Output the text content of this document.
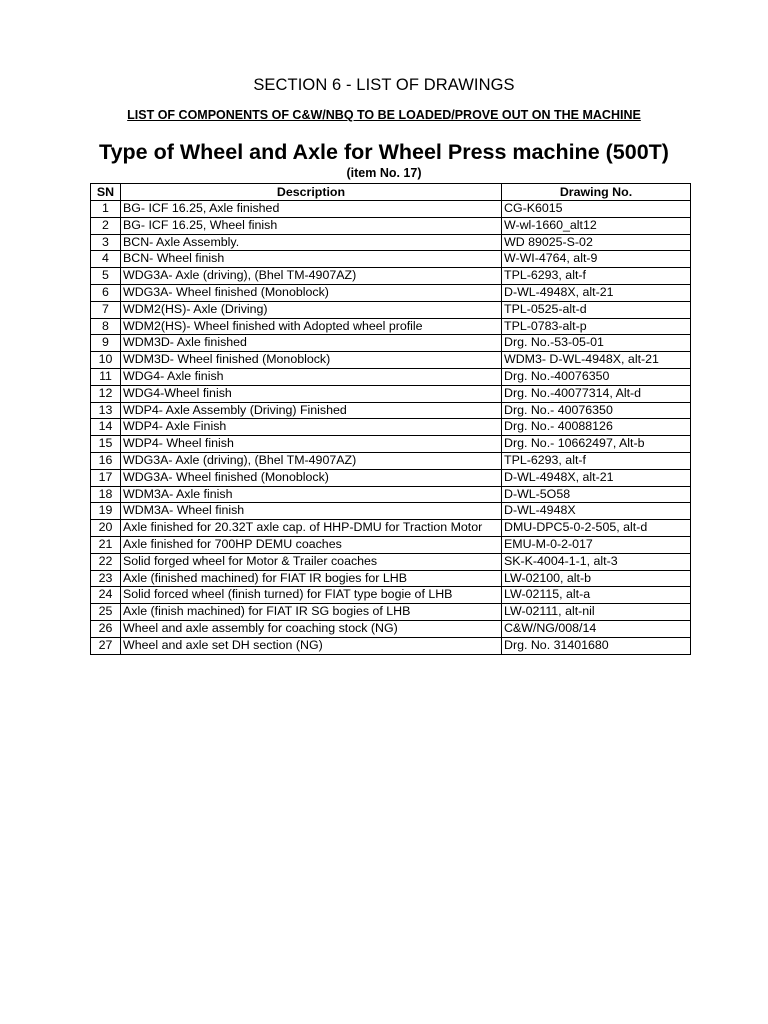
SECTION 6 - LIST OF DRAWINGS
LIST OF COMPONENTS OF C&W/NBQ TO BE LOADED/PROVE OUT ON THE MACHINE
Type of Wheel and Axle for Wheel Press machine (500T)
(item No. 17)
SN	Description	Drawing No.
1	BG- ICF 16.25, Axle finished	CG-K6015
2	BG- ICF 16.25, Wheel finish	W-wl-1660_alt12
3	BCN- Axle Assembly.	WD 89025-S-02
4	BCN- Wheel finish	W-WI-4764, alt-9
5	WDG3A- Axle (driving), (Bhel TM-4907AZ)	TPL-6293, alt-f
6	WDG3A- Wheel finished (Monoblock)	D-WL-4948X, alt-21
7	WDM2(HS)- Axle (Driving)	TPL-0525-alt-d
8	WDM2(HS)- Wheel finished with Adopted wheel profile	TPL-0783-alt-p
9	WDM3D- Axle finished	Drg. No.-53-05-01
10	WDM3D- Wheel finished (Monoblock)	WDM3- D-WL-4948X, alt-21
11	WDG4- Axle finish	Drg. No.-40076350
12	WDG4-Wheel finish	Drg. No.-40077314, Alt-d
13	WDP4- Axle Assembly (Driving) Finished	Drg. No.- 40076350
14	WDP4- Axle Finish	Drg. No.- 40088126
15	WDP4- Wheel finish	Drg. No.- 10662497, Alt-b
16	WDG3A- Axle (driving), (Bhel TM-4907AZ)	TPL-6293, alt-f
17	WDG3A- Wheel finished (Monoblock)	D-WL-4948X, alt-21
18	WDM3A- Axle finish	D-WL-5O58
19	WDM3A- Wheel finish	D-WL-4948X
20	Axle finished for 20.32T axle cap. of HHP-DMU for Traction Motor	DMU-DPC5-0-2-505, alt-d
21	Axle finished for 700HP DEMU coaches	EMU-M-0-2-017
22	Solid forged wheel for Motor & Trailer coaches	SK-K-4004-1-1, alt-3
23	Axle (finished machined) for FIAT IR bogies for LHB	LW-02100, alt-b
24	Solid forced wheel (finish turned) for FIAT type bogie of LHB	LW-02115, alt-a
25	Axle (finish machined) for FIAT IR SG bogies of LHB	LW-02111, alt-nil
26	Wheel and axle assembly for coaching stock (NG)	C&W/NG/008/14
27	Wheel and axle set DH section (NG)	Drg. No. 31401680
